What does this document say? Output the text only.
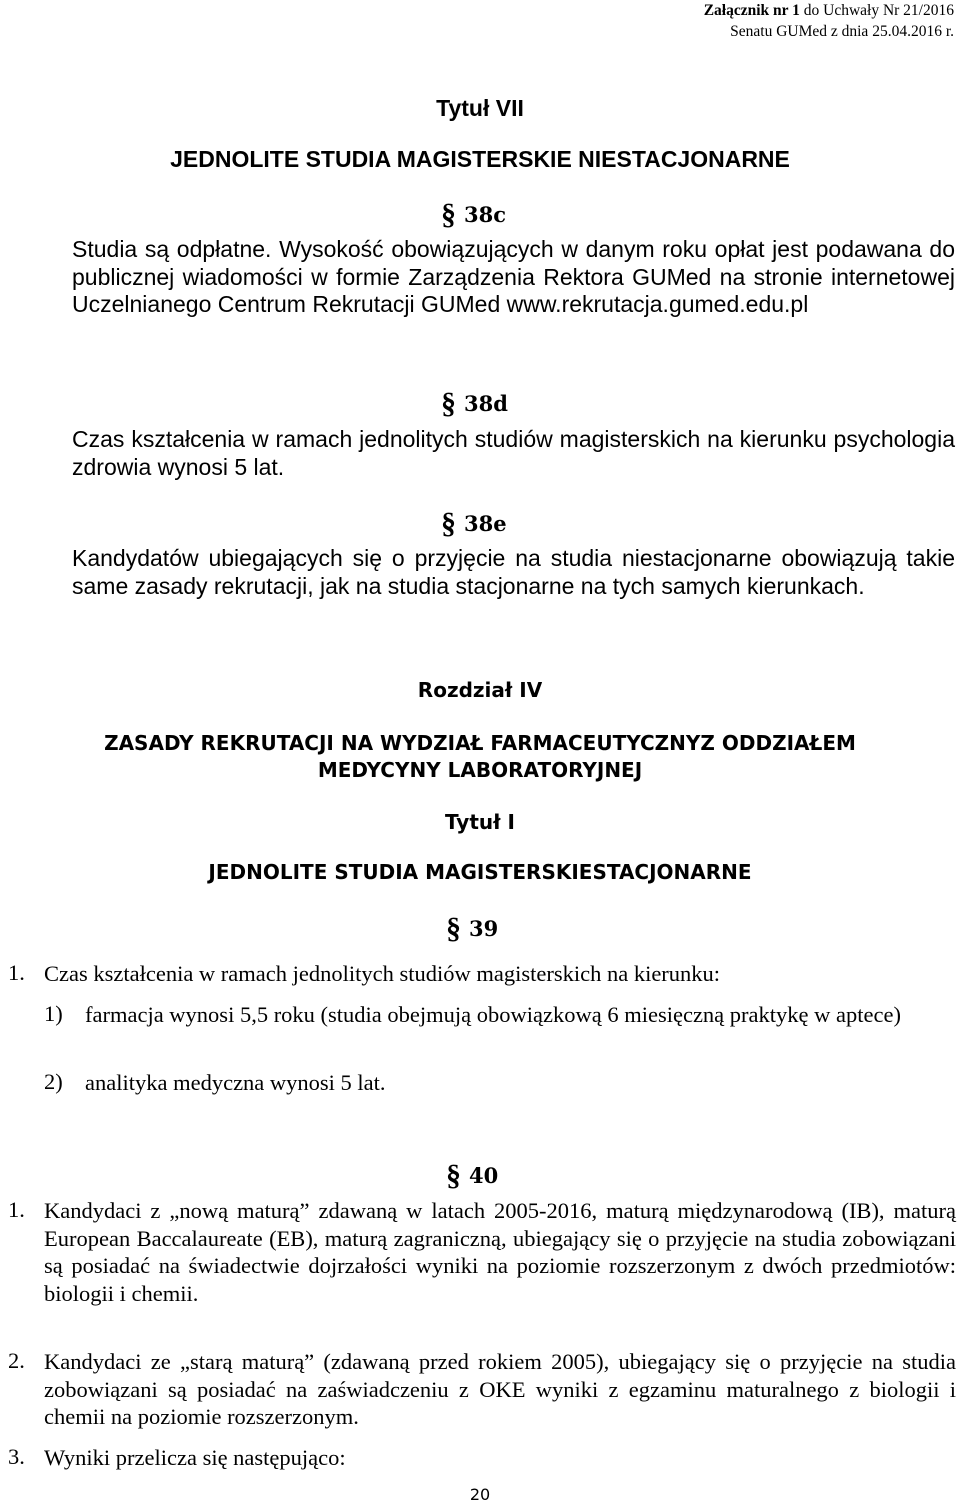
Załącznik nr 1 do Uchwały Nr 21/2016
Senatu GUMed z dnia 25.04.2016 r.
Tytuł VII
JEDNOLITE STUDIA MAGISTERSKIE NIESTACJONARNE
§ 38c

Studia są odpłatne. Wysokość obowiązujących w danym roku opłat jest podawana do publicznej wiadomości w formie Zarządzenia Rektora GUMed na stronie internetowej Uczelnianego Centrum Rekrutacji GUMed www.rekrutacja.gumed.edu.pl

§ 38d

Czas kształcenia w ramach jednolitych studiów magisterskich na kierunku psychologia zdrowia wynosi 5 lat.

§ 38e

Kandydatów ubiegających się o przyjęcie na studia niestacjonarne obowiązują takie same zasady rekrutacji, jak na studia stacjonarne na tych samych kierunkach.

Rozdział IV
ZASADY REKRUTACJI NA WYDZIAŁ FARMACEUTYCZNYZ ODDZIAŁEM
MEDYCYNY LABORATORYJNEJ
Tytuł I
JEDNOLITE STUDIA MAGISTERSKIESTACJONARNE
§ 39
1. Czas kształcenia w ramach jednolitych studiów magisterskich na kierunku:

1) farmacja wynosi 5,5 roku (studia obejmują obowiązkową 6 miesięczną praktykę w aptece)

2) analityka medyczna wynosi 5 lat.

§ 40
1. Kandydaci z „nową maturą” zdawaną w latach 2005-2016, maturą międzynarodową (IB), maturą European Baccalaureate (EB), maturą zagraniczną, ubiegający się o przyjęcie na studia zobowiązani są posiadać na świadectwie dojrzałości wyniki na poziomie rozszerzonym z dwóch przedmiotów: biologii i chemii.

2. Kandydaci ze „starą maturą” (zdawaną przed rokiem 2005), ubiegający się o przyjęcie na studia zobowiązani są posiadać na zaświadczeniu z OKE wyniki z egzaminu maturalnego z biologii i chemii na poziomie rozszerzonym.

3. Wyniki przelicza się następująco:

20
